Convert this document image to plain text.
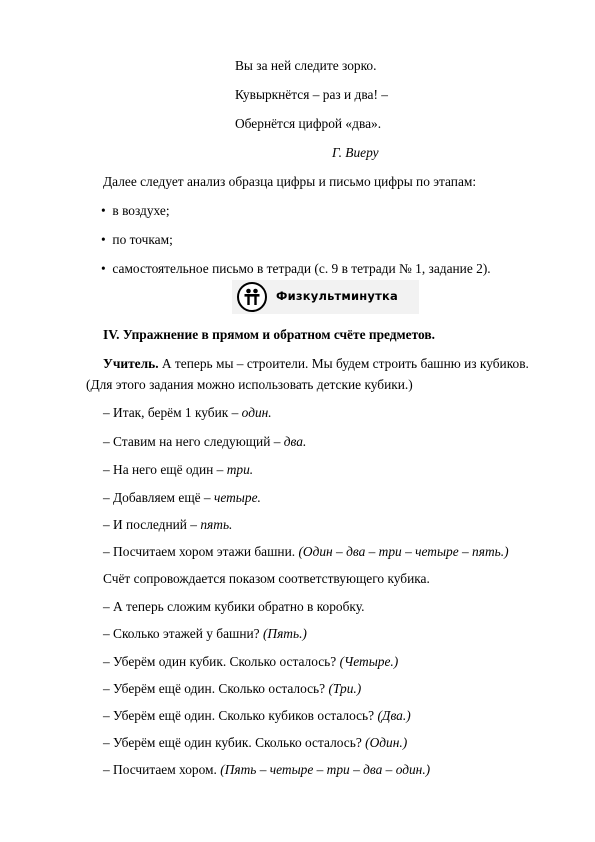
Вы за ней следите зорко.
Кувыркнётся – раз и два! –
Обернётся цифрой «два».
Г. Виеру
Далее следует анализ образца цифры и письмо цифры по этапам:
• в воздухе;
• по точкам;
• самостоятельное письмо в тетради (с. 9 в тетради № 1, задание 2).
Физкультминутка
IV. Упражнение в прямом и обратном счёте предметов.
Учитель. А теперь мы – строители. Мы будем строить башню из кубиков.
(Для этого задания можно использовать детские кубики.)
– Итак, берём 1 кубик – один.
– Ставим на него следующий – два.
– На него ещё один – три.
– Добавляем ещё – четыре.
– И последний – пять.
– Посчитаем хором этажи башни. (Один – два – три – четыре – пять.)
Счёт сопровождается показом соответствующего кубика.
– А теперь сложим кубики обратно в коробку.
– Сколько этажей у башни? (Пять.)
– Уберём один кубик. Сколько осталось? (Четыре.)
– Уберём ещё один. Сколько осталось? (Три.)
– Уберём ещё один. Сколько кубиков осталось? (Два.)
– Уберём ещё один кубик. Сколько осталось? (Один.)
– Посчитаем хором. (Пять – четыре – три – два – один.)
